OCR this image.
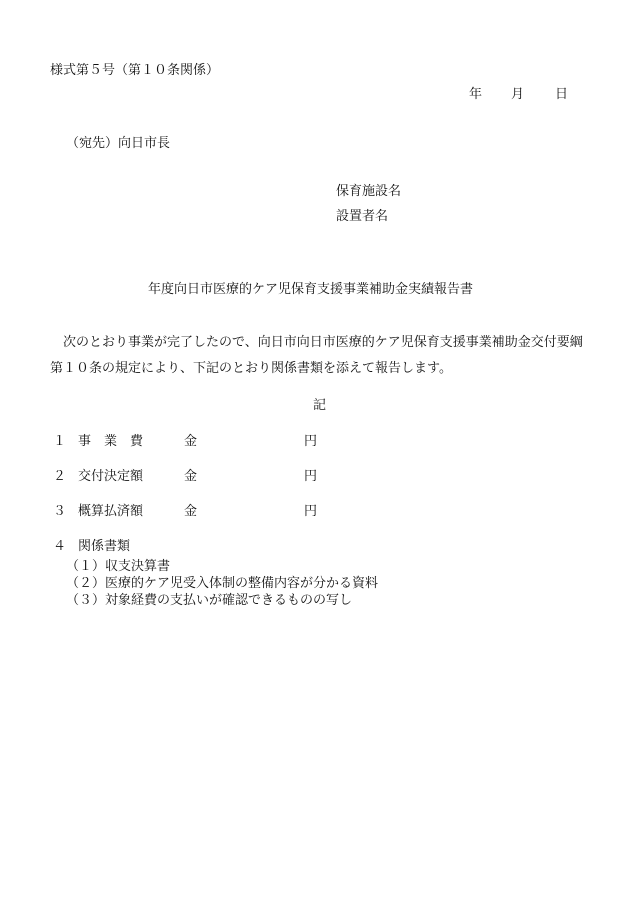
様式第５号（第１０条関係）
年 月 日
（宛先）向日市長
保育施設名
設置者名
年度向日市医療的ケア児保育支援事業補助金実績報告書
次のとおり事業が完了したので、向日市向日市医療的ケア児保育支援事業補助金交付要綱第１０条の規定により、下記のとおり関係書類を添えて報告します。
記
１ 事業費 金	円
２ 交付決定額	金	円
３ 概算払済額	金	円
４ 関係書類
（１）収支決算書
（２）医療的ケア児受入体制の整備内容が分かる資料
（３）対象経費の支払いが確認できるものの写し
